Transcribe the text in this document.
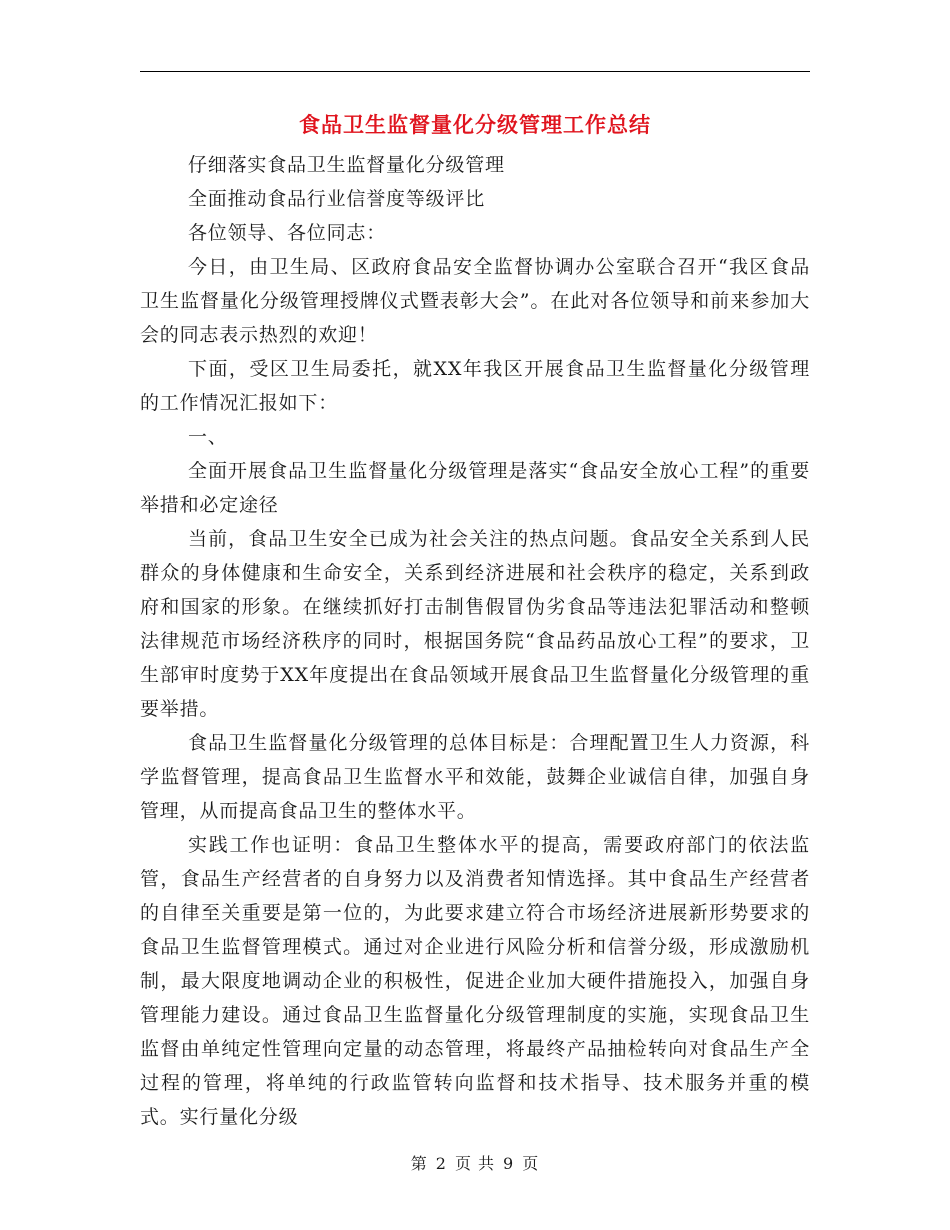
食品卫生监督量化分级管理工作总结

仔细落实食品卫生监督量化分级管理

全面推动食品行业信誉度等级评比

各位领导、各位同志：

今日，由卫生局、区政府食品安全监督协调办公室联合召开“我区食品卫生监督量化分级管理授牌仪式暨表彰大会”。在此对各位领导和前来参加大会的同志表示热烈的欢迎！

下面，受区卫生局委托，就XX年我区开展食品卫生监督量化分级管理的工作情况汇报如下：

一、

全面开展食品卫生监督量化分级管理是落实“食品安全放心工程”的重要举措和必定途径

当前，食品卫生安全已成为社会关注的热点问题。食品安全关系到人民群众的身体健康和生命安全，关系到经济进展和社会秩序的稳定，关系到政府和国家的形象。在继续抓好打击制售假冒伪劣食品等违法犯罪活动和整顿法律规范市场经济秩序的同时，根据国务院“食品药品放心工程”的要求，卫生部审时度势于XX年度提出在食品领域开展食品卫生监督量化分级管理的重要举措。

食品卫生监督量化分级管理的总体目标是：合理配置卫生人力资源，科学监督管理，提高食品卫生监督水平和效能，鼓舞企业诚信自律，加强自身管理，从而提高食品卫生的整体水平。

实践工作也证明：食品卫生整体水平的提高，需要政府部门的依法监管，食品生产经营者的自身努力以及消费者知情选择。其中食品生产经营者的自律至关重要是第一位的，为此要求建立符合市场经济进展新形势要求的食品卫生监督管理模式。通过对企业进行风险分析和信誉分级，形成激励机制，最大限度地调动企业的积极性，促进企业加大硬件措施投入，加强自身管理能力建设。通过食品卫生监督量化分级管理制度的实施，实现食品卫生监督由单纯定性管理向定量的动态管理，将最终产品抽检转向对食品生产全过程的管理，将单纯的行政监管转向监督和技术指导、技术服务并重的模式。实行量化分级

第 2 页 共 9 页
